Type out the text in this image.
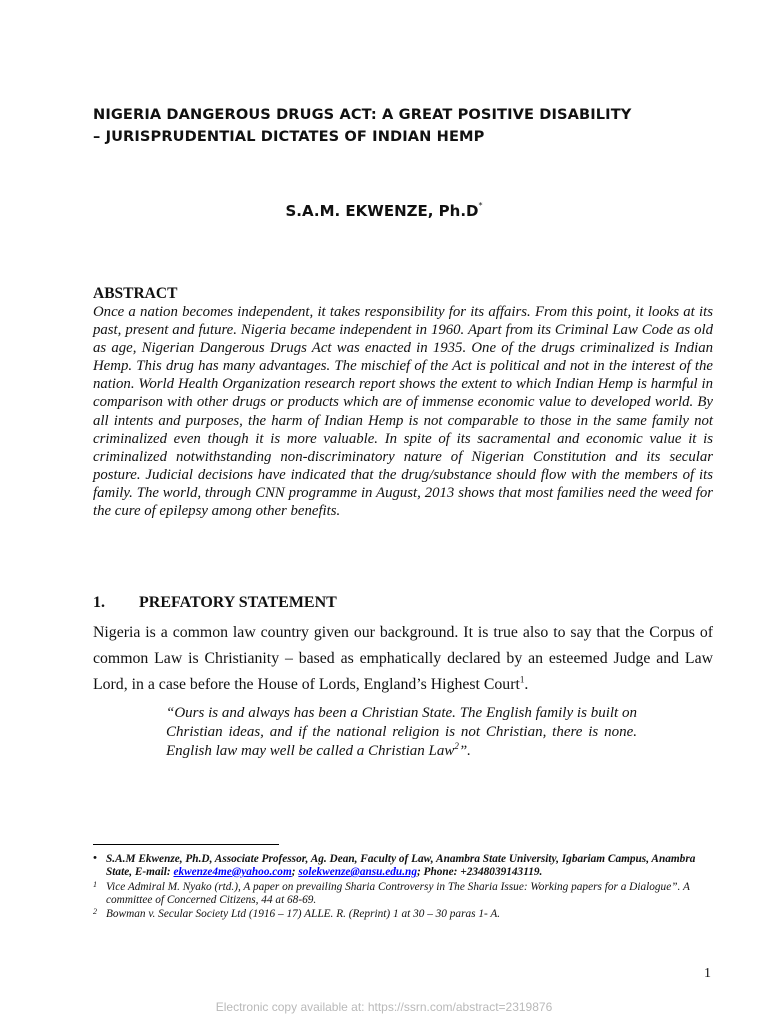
NIGERIA DANGEROUS DRUGS ACT: A GREAT POSITIVE DISABILITY
– JURISPRUDENTIAL DICTATES OF INDIAN HEMP
S.A.M. EKWENZE, Ph.D*
ABSTRACT
Once a nation becomes independent, it takes responsibility for its affairs. From this point, it looks at its past, present and future. Nigeria became independent in 1960. Apart from its Criminal Law Code as old as age, Nigerian Dangerous Drugs Act was enacted in 1935. One of the drugs criminalized is Indian Hemp. This drug has many advantages. The mischief of the Act is political and not in the interest of the nation. World Health Organization research report shows the extent to which Indian Hemp is harmful in comparison with other drugs or products which are of immense economic value to developed world. By all intents and purposes, the harm of Indian Hemp is not comparable to those in the same family not criminalized even though it is more valuable. In spite of its sacramental and economic value it is criminalized notwithstanding non-discriminatory nature of Nigerian Constitution and its secular posture. Judicial decisions have indicated that the drug/substance should flow with the members of its family. The world, through CNN programme in August, 2013 shows that most families need the weed for the cure of epilepsy among other benefits.
1. PREFATORY STATEMENT
Nigeria is a common law country given our background. It is true also to say that the Corpus of common Law is Christianity – based as emphatically declared by an esteemed Judge and Law Lord, in a case before the House of Lords, England’s Highest Court$^1$.
“Ours is and always has been a Christian State. The English family is built on Christian ideas, and if the national religion is not Christian, there is none. English law may well be called a Christian Law$^2$”.
• S.A.M Ekwenze, Ph.D, Associate Professor, Ag. Dean, Faculty of Law, Anambra State University, Igbariam Campus, Anambra State, E-mail: ekwenze4me@yahoo.com; solekwenze@ansu.edu.ng; Phone: +2348039143119.
1 Vice Admiral M. Nyako (rtd.), A paper on prevailing Sharia Controversy in The Sharia Issue: Working papers for a Dialogue”. A committee of Concerned Citizens, 44 at 68-69.
2 Bowman v. Secular Society Ltd (1916 – 17) ALLE. R. (Reprint) 1 at 30 – 30 paras 1- A.
1
Electronic copy available at: https://ssrn.com/abstract=2319876
